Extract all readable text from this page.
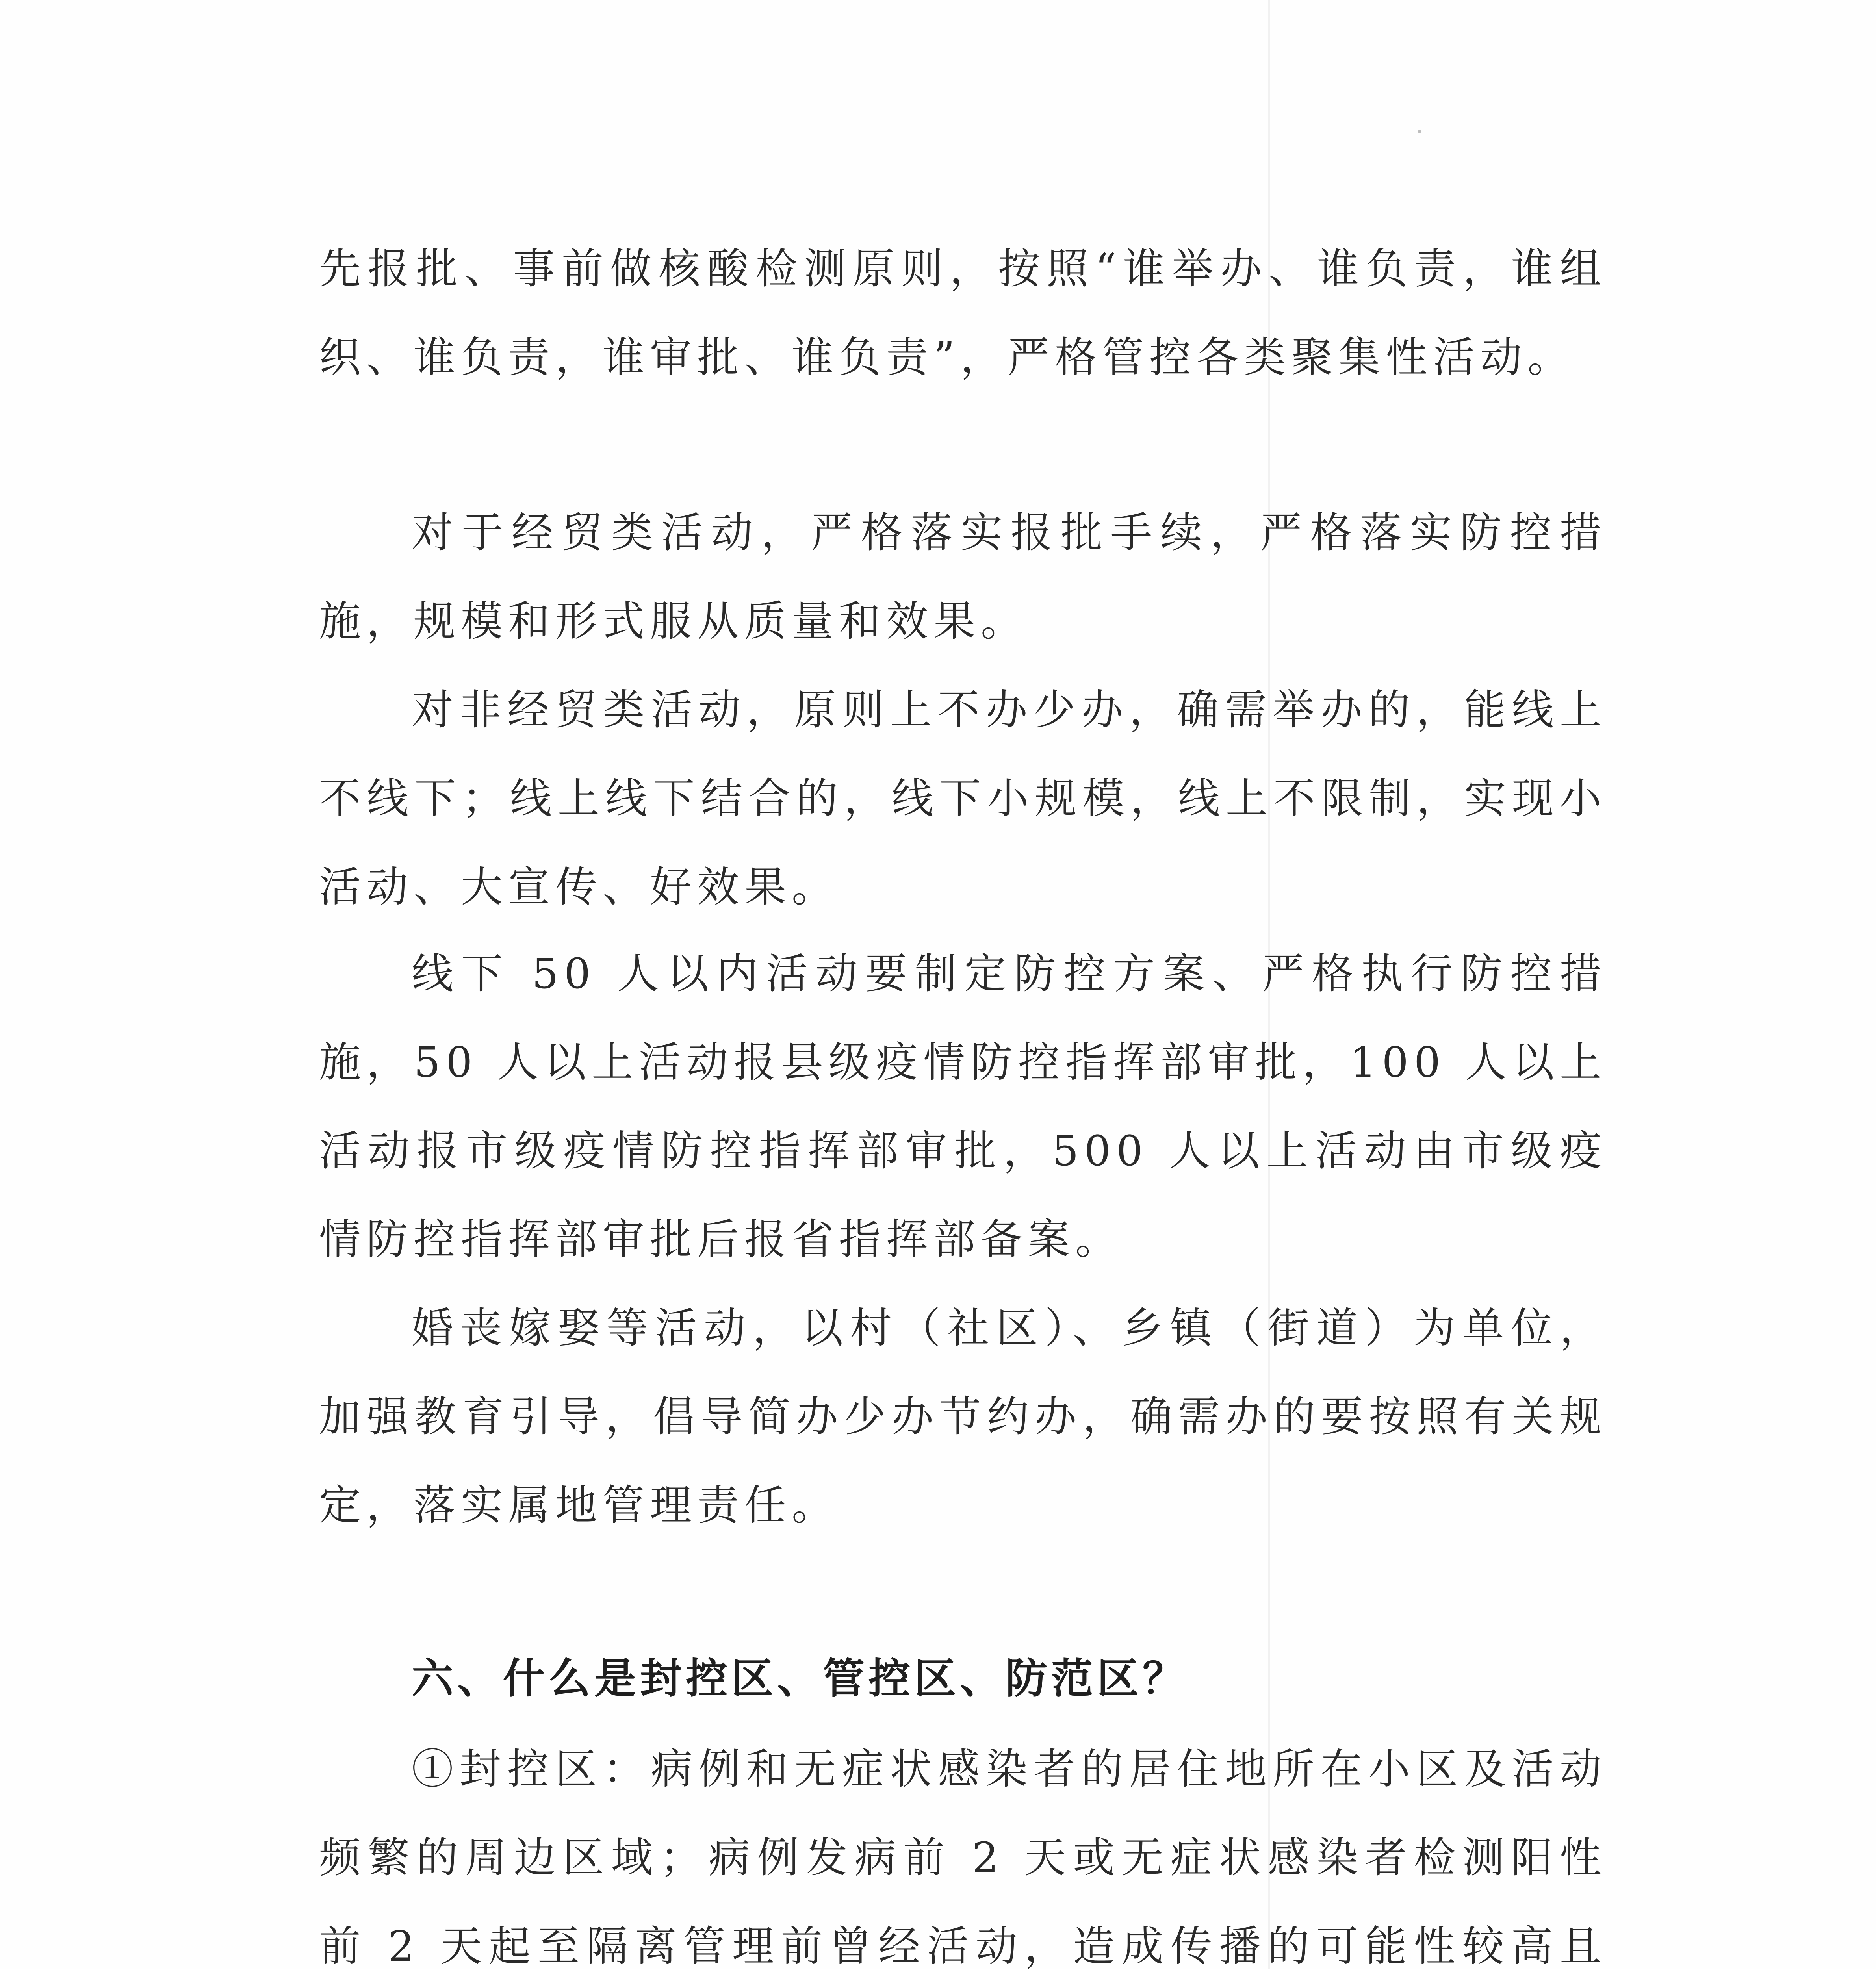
先报批、事前做核酸检测原则，按照“谁举办、谁负责，谁组织、谁负责，谁审批、谁负责”，严格管控各类聚集性活动。

对于经贸类活动，严格落实报批手续，严格落实防控措施，规模和形式服从质量和效果。

对非经贸类活动，原则上不办少办，确需举办的，能线上不线下；线上线下结合的，线下小规模，线上不限制，实现小活动、大宣传、好效果。

线下 50 人以内活动要制定防控方案、严格执行防控措施，50 人以上活动报县级疫情防控指挥部审批，100 人以上活动报市级疫情防控指挥部审批，500 人以上活动由市级疫情防控指挥部审批后报省指挥部备案。

婚丧嫁娶等活动，以村（社区）、乡镇（街道）为单位，加强教育引导，倡导简办少办节约办，确需办的要按照有关规定，落实属地管理责任。

六、什么是封控区、管控区、防范区？

①封控区：病例和无症状感染者的居住地所在小区及活动频繁的周边区域；病例发病前 2 天或无症状感染者检测阳性前 2 天起至隔离管理前曾经活动，造成传播的可能性较高且
